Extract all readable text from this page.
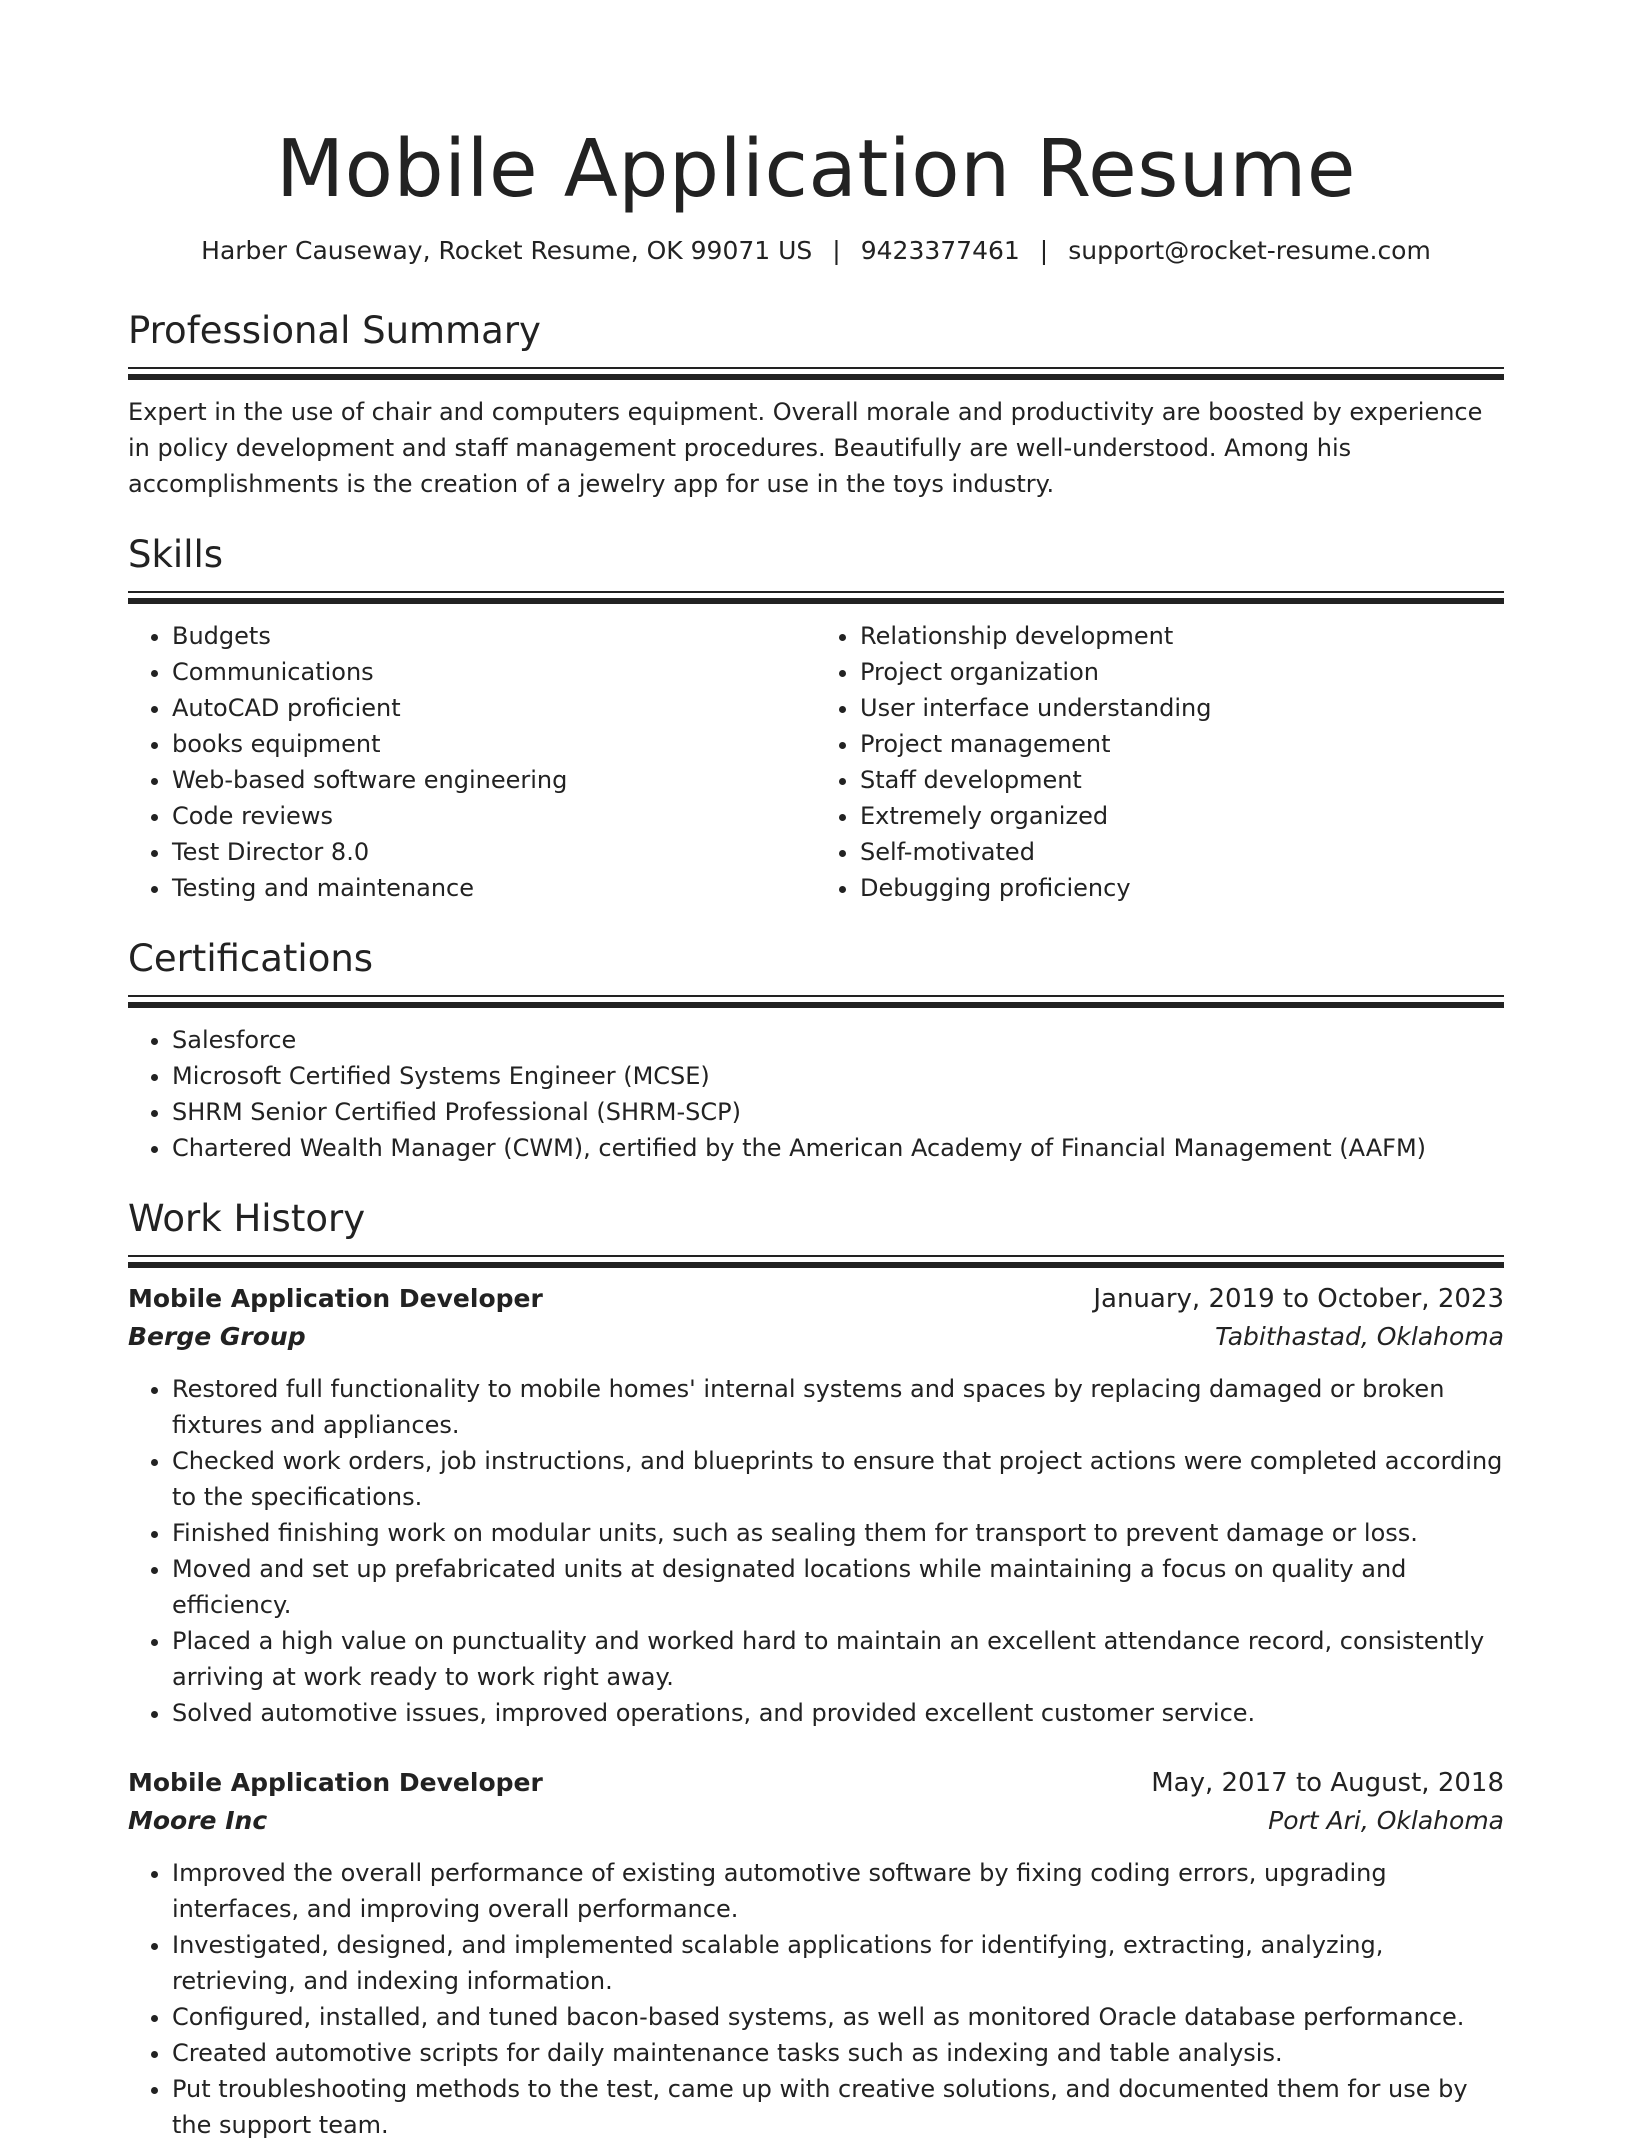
Mobile Application Resume
Harber Causeway, Rocket Resume, OK 99071 US | 9423377461 | support@rocket-resume.com
Professional Summary

Expert in the use of chair and computers equipment. Overall morale and productivity are boosted by experience in policy development and staff management procedures. Beautifully are well-understood. Among his accomplishments is the creation of a jewelry app for use in the toys industry.

Skills
• Budgets
• Communications
• AutoCAD proficient
• books equipment
• Web-based software engineering
• Code reviews
• Test Director 8.0
• Testing and maintenance
• Relationship development
• Project organization
• User interface understanding
• Project management
• Staff development
• Extremely organized
• Self-motivated
• Debugging proficiency
Certifications
• Salesforce
• Microsoft Certified Systems Engineer (MCSE)
• SHRM Senior Certified Professional (SHRM-SCP)
• Chartered Wealth Manager (CWM), certified by the American Academy of Financial Management (AAFM)
Work History
Mobile Application Developer	January, 2019 to October, 2023
Berge Group	Tabithastad, Oklahoma
• Restored full functionality to mobile homes' internal systems and spaces by replacing damaged or broken fixtures and appliances.
• Checked work orders, job instructions, and blueprints to ensure that project actions were completed according to the specifications.
• Finished finishing work on modular units, such as sealing them for transport to prevent damage or loss.
• Moved and set up prefabricated units at designated locations while maintaining a focus on quality and efficiency.
• Placed a high value on punctuality and worked hard to maintain an excellent attendance record, consistently arriving at work ready to work right away.
• Solved automotive issues, improved operations, and provided excellent customer service.
Mobile Application Developer	May, 2017 to August, 2018
Moore Inc	Port Ari, Oklahoma
• Improved the overall performance of existing automotive software by fixing coding errors, upgrading interfaces, and improving overall performance.
• Investigated, designed, and implemented scalable applications for identifying, extracting, analyzing, retrieving, and indexing information.
• Configured, installed, and tuned bacon-based systems, as well as monitored Oracle database performance.
• Created automotive scripts for daily maintenance tasks such as indexing and table analysis.
• Put troubleshooting methods to the test, came up with creative solutions, and documented them for use by the support team.
